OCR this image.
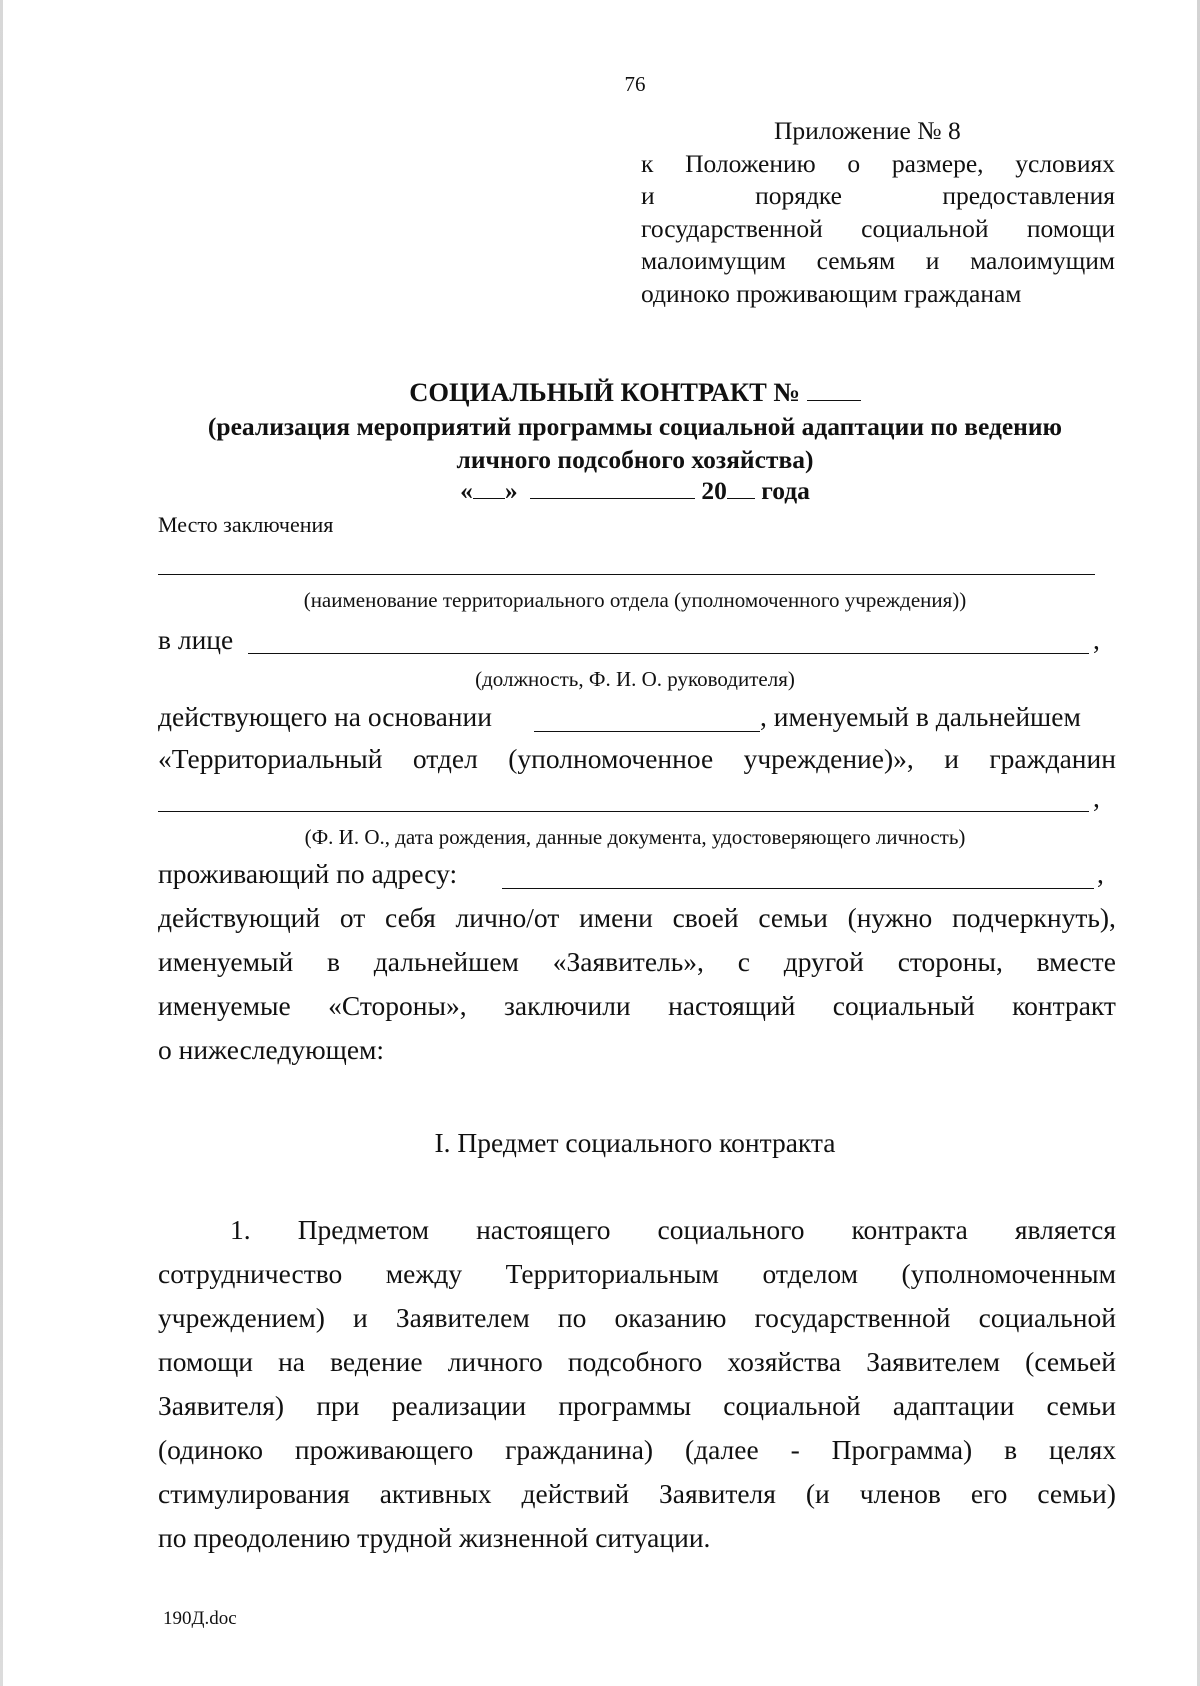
76
Приложение № 8
к Положению о размере, условиях
и	порядке	предоставления
государственной социальной помощи
малоимущим семьям и малоимущим
одиноко проживающим гражданам
СОЦИАЛЬНЫЙ КОНТРАКТ №
(реализация мероприятий программы социальной адаптации по ведению
личного подсобного хозяйства)
« »	20 года
Место заключения
(наименование территориального отдела (уполномоченного учреждения))
в лице	,
(должность, Ф. И. О. руководителя)
действующего на основании	, именуемый в дальнейшем
«Территориальный отдел (уполномоченное учреждение)», и гражданин
,
(Ф. И. О., дата рождения, данные документа, удостоверяющего личность)
проживающий по адресу:	,
действующий от себя лично/от имени своей семьи (нужно подчеркнуть),
именуемый в дальнейшем «Заявитель», с другой стороны, вместе
именуемые «Стороны», заключили настоящий социальный контракт
о нижеследующем:
I. Предмет социального контракта
1. Предметом настоящего социального контракта является
сотрудничество между Территориальным отделом (уполномоченным
учреждением) и Заявителем по оказанию государственной социальной
помощи на ведение личного подсобного хозяйства Заявителем (семьей
Заявителя) при реализации программы социальной адаптации семьи
(одиноко проживающего гражданина) (далее - Программа) в целях
стимулирования активных действий Заявителя (и членов его семьи)
по преодолению трудной жизненной ситуации.
190Д.doc
